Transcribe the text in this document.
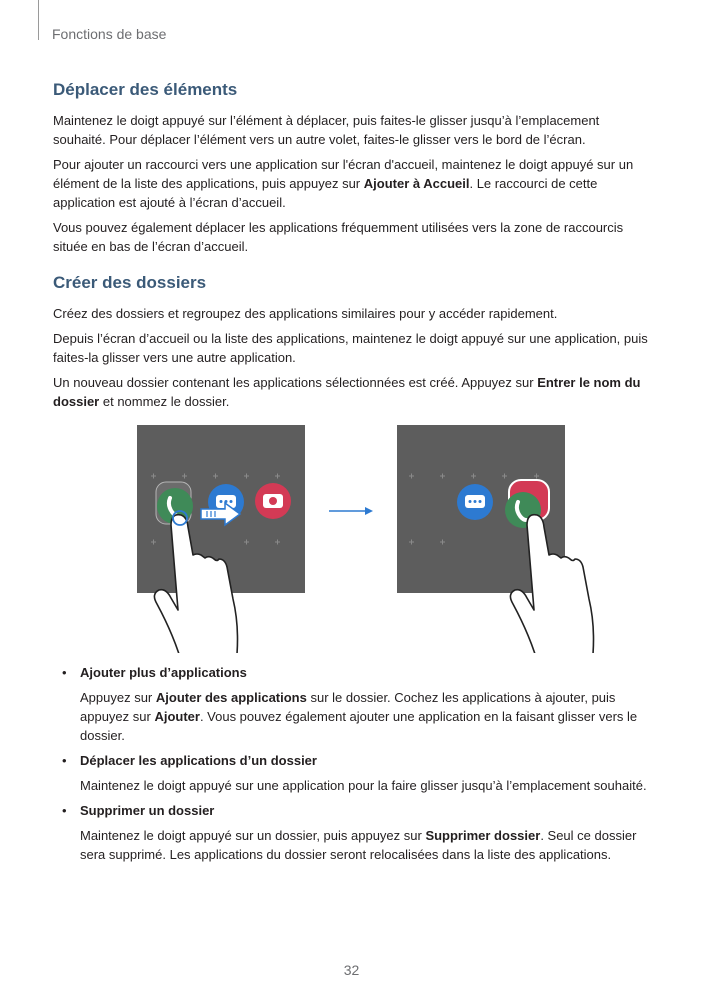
Fonctions de base
Déplacer des éléments

Maintenez le doigt appuyé sur l’élément à déplacer, puis faites-le glisser jusqu’à l’emplacement souhaité. Pour déplacer l’élément vers un autre volet, faites-le glisser vers le bord de l’écran.

Pour ajouter un raccourci vers une application sur l'écran d'accueil, maintenez le doigt appuyé sur un élément de la liste des applications, puis appuyez sur Ajouter à Accueil. Le raccourci de cette application est ajouté à l’écran d’accueil.

Vous pouvez également déplacer les applications fréquemment utilisées vers la zone de raccourcis située en bas de l’écran d’accueil.

Créer des dossiers

Créez des dossiers et regroupez des applications similaires pour y accéder rapidement.

Depuis l’écran d’accueil ou la liste des applications, maintenez le doigt appuyé sur une application, puis faites-la glisser vers une autre application.

Un nouveau dossier contenant les applications sélectionnées est créé. Appuyez sur Entrer le nom du dossier et nommez le dossier.

• Ajouter plus d’applications
Appuyez sur Ajouter des applications sur le dossier. Cochez les applications à ajouter, puis appuyez sur Ajouter. Vous pouvez également ajouter une application en la faisant glisser vers le dossier.
• Déplacer les applications d’un dossier
Maintenez le doigt appuyé sur une application pour la faire glisser jusqu’à l’emplacement souhaité.
• Supprimer un dossier
Maintenez le doigt appuyé sur un dossier, puis appuyez sur Supprimer dossier. Seul ce dossier sera supprimé. Les applications du dossier seront relocalisées dans la liste des applications.
32
